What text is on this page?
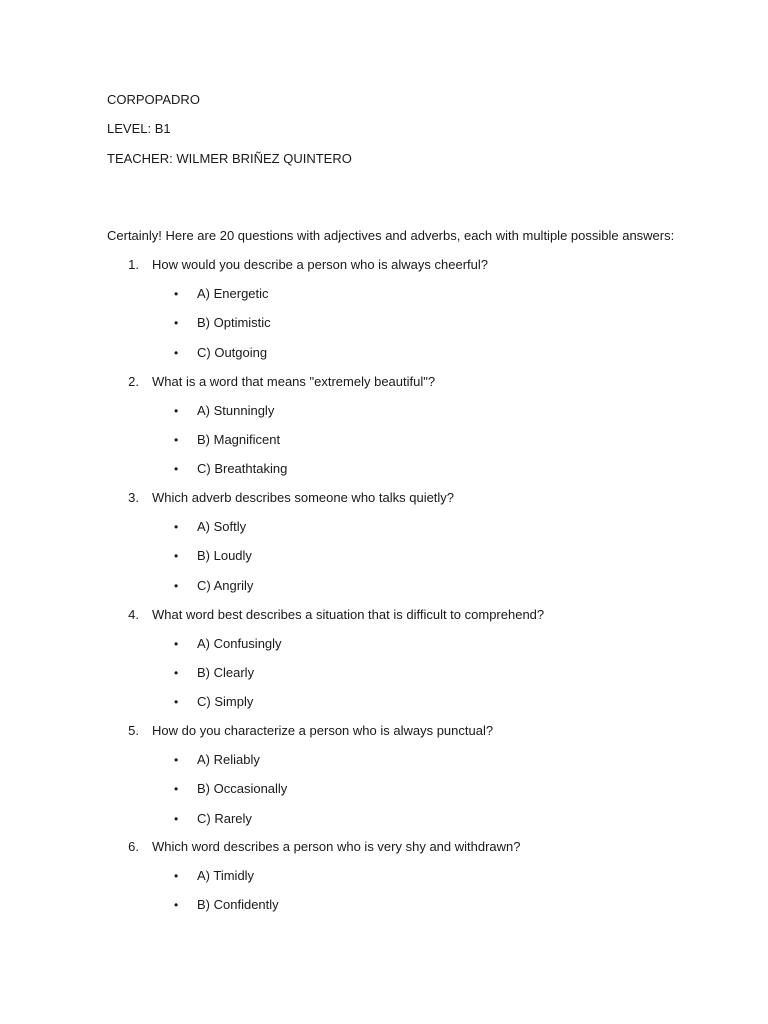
CORPOPADRO
LEVEL: B1
TEACHER: WILMER BRIÑEZ QUINTERO
Certainly! Here are 20 questions with adjectives and adverbs, each with multiple possible answers:
1. How would you describe a person who is always cheerful?
• A) Energetic
• B) Optimistic
• C) Outgoing
2. What is a word that means "extremely beautiful"?
• A) Stunningly
• B) Magnificent
• C) Breathtaking
3. Which adverb describes someone who talks quietly?
• A) Softly
• B) Loudly
• C) Angrily
4. What word best describes a situation that is difficult to comprehend?
• A) Confusingly
• B) Clearly
• C) Simply
5. How do you characterize a person who is always punctual?
• A) Reliably
• B) Occasionally
• C) Rarely
6. Which word describes a person who is very shy and withdrawn?
• A) Timidly
• B) Confidently
